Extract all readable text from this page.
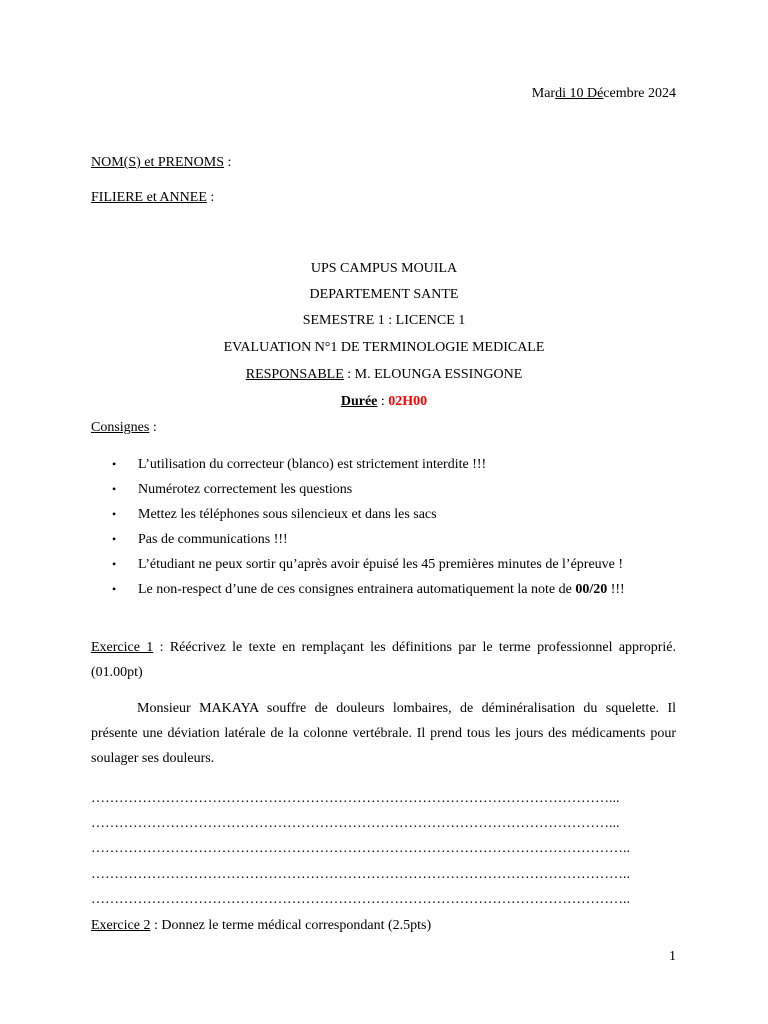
Mardi 10 Décembre 2024
NOM(S) et PRENOMS :
FILIERE et ANNEE :
UPS CAMPUS MOUILA
DEPARTEMENT SANTE
SEMESTRE 1 : LICENCE 1
EVALUATION N°1 DE TERMINOLOGIE MEDICALE
RESPONSABLE : M. ELOUNGA ESSINGONE
Durée : 02H00
Consignes :
• L’utilisation du correcteur (blanco) est strictement interdite !!!
• Numérotez correctement les questions
• Mettez les téléphones sous silencieux et dans les sacs
• Pas de communications !!!
• L’étudiant ne peux sortir qu’après avoir épuisé les 45 premières minutes de l’épreuve !
• Le non-respect d’une de ces consignes entrainera automatiquement la note de 00/20 !!!
Exercice 1 : Réécrivez le texte en remplaçant les définitions par le terme professionnel approprié. (01.00pt)
Monsieur MAKAYA souffre de douleurs lombaires, de déminéralisation du squelette. Il présente une déviation latérale de la colonne vertébrale. Il prend tous les jours des médicaments pour soulager ses douleurs.
…………………………………………………………………………………………………...
…………………………………………………………………………………………………...
……………………………………………………………………………………………………..
……………………………………………………………………………………………………..
……………………………………………………………………………………………………..
Exercice 2 : Donnez le terme médical correspondant (2.5pts)
1
